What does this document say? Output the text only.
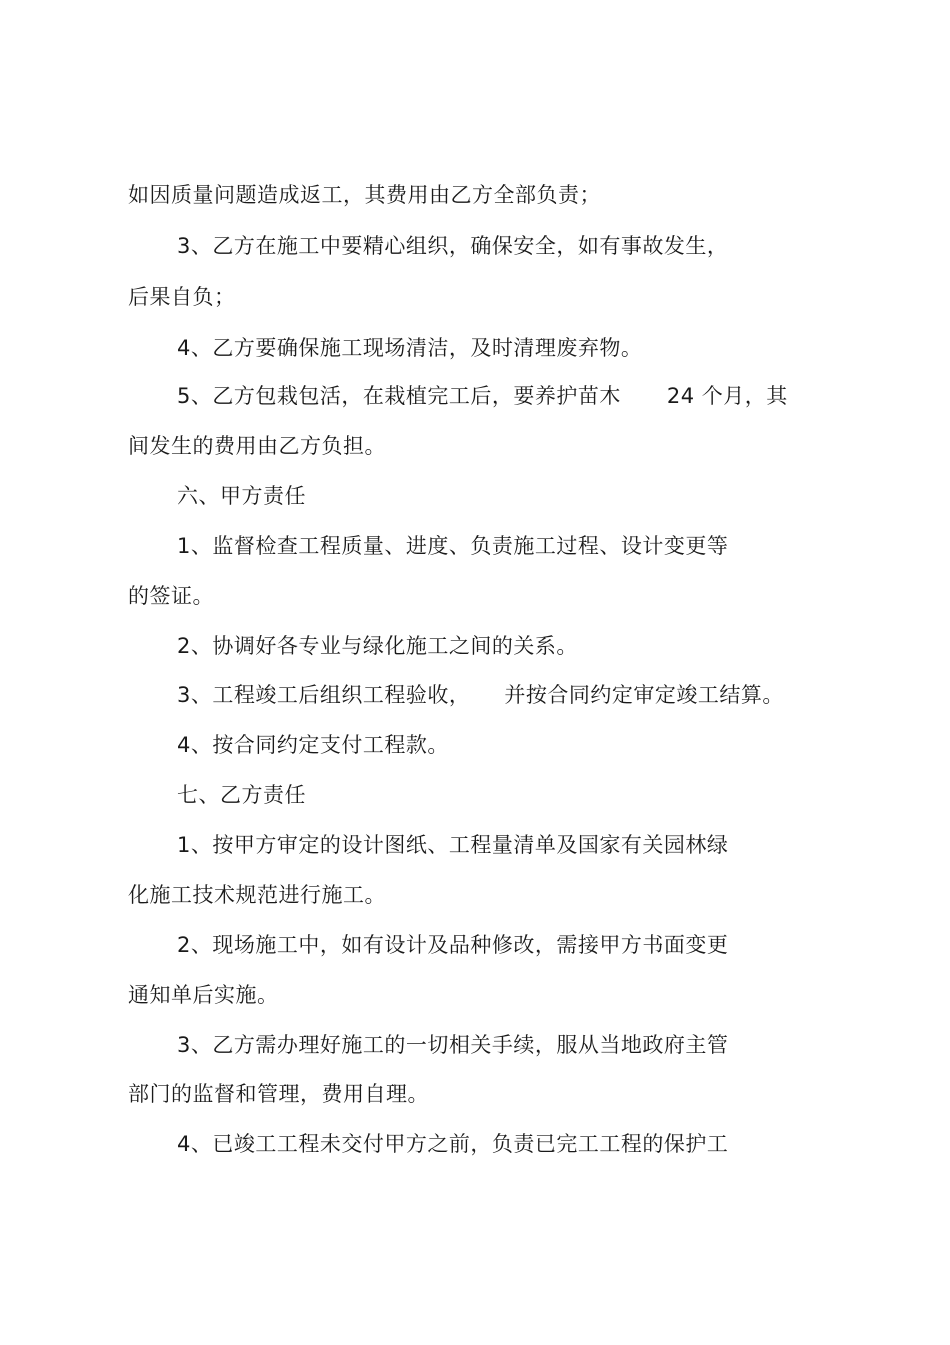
如因质量问题造成返工，其费用由乙方全部负责；
3、乙方在施工中要精心组织，确保安全，如有事故发生，
后果自负；
4、乙方要确保施工现场清洁，及时清理废弃物。
5、乙方包栽包活，在栽植完工后，要养护苗木 24 个月，其
间发生的费用由乙方负担。
六、甲方责任
1、监督检查工程质量、进度、负责施工过程、设计变更等
的签证。
2、协调好各专业与绿化施工之间的关系。
3、工程竣工后组织工程验收， 并按合同约定审定竣工结算。
4、按合同约定支付工程款。
七、乙方责任
1、按甲方审定的设计图纸、工程量清单及国家有关园林绿
化施工技术规范进行施工。
2、现场施工中，如有设计及品种修改，需接甲方书面变更
通知单后实施。
3、乙方需办理好施工的一切相关手续，服从当地政府主管
部门的监督和管理，费用自理。
4、已竣工工程未交付甲方之前，负责已完工工程的保护工
